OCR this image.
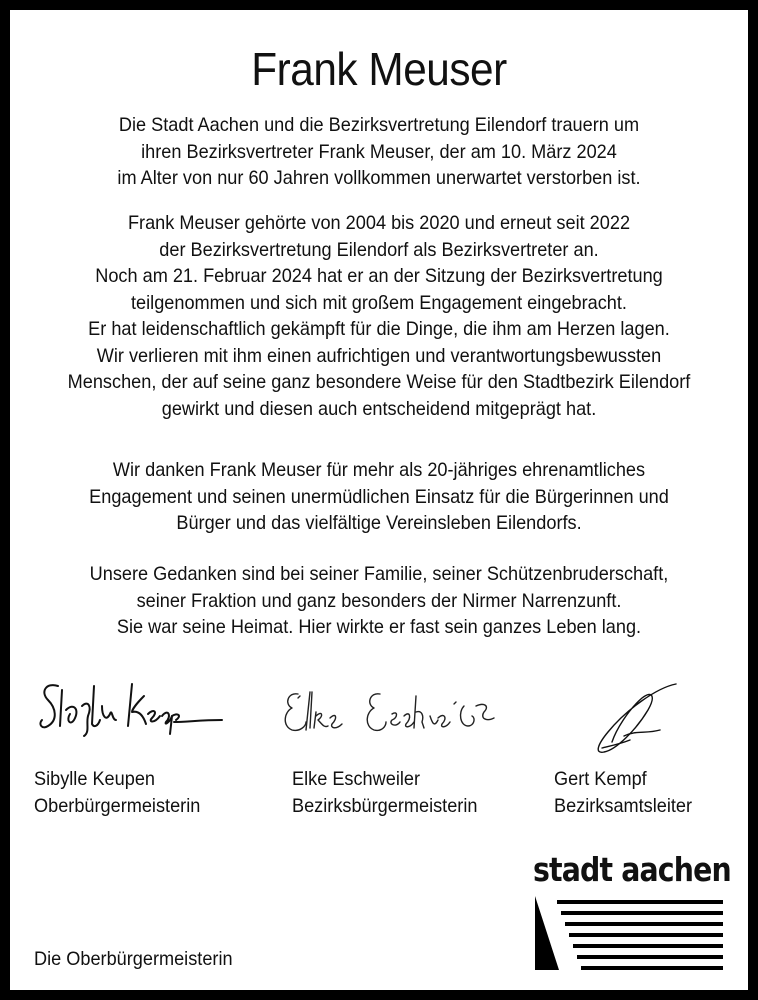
Frank Meuser
Die Stadt Aachen und die Bezirksvertretung Eilendorf trauern um
ihren Bezirksvertreter Frank Meuser, der am 10. März 2024
im Alter von nur 60 Jahren vollkommen unerwartet verstorben ist.
Frank Meuser gehörte von 2004 bis 2020 und erneut seit 2022
der Bezirksvertretung Eilendorf als Bezirksvertreter an.
Noch am 21. Februar 2024 hat er an der Sitzung der Bezirksvertretung
teilgenommen und sich mit großem Engagement eingebracht.
Er hat leidenschaftlich gekämpft für die Dinge, die ihm am Herzen lagen.
Wir verlieren mit ihm einen aufrichtigen und verantwortungsbewussten
Menschen, der auf seine ganz besondere Weise für den Stadtbezirk Eilendorf
gewirkt und diesen auch entscheidend mitgeprägt hat.
Wir danken Frank Meuser für mehr als 20-jähriges ehrenamtliches
Engagement und seinen unermüdlichen Einsatz für die Bürgerinnen und
Bürger und das vielfältige Vereinsleben Eilendorfs.
Unsere Gedanken sind bei seiner Familie, seiner Schützenbruderschaft,
seiner Fraktion und ganz besonders der Nirmer Narrenzunft.
Sie war seine Heimat. Hier wirkte er fast sein ganzes Leben lang.
Sibylle Keupen
Oberbürgermeisterin
Elke Eschweiler
Bezirksbürgermeisterin
Gert Kempf
Bezirksamtsleiter
Die Oberbürgermeisterin
stadt aachen
